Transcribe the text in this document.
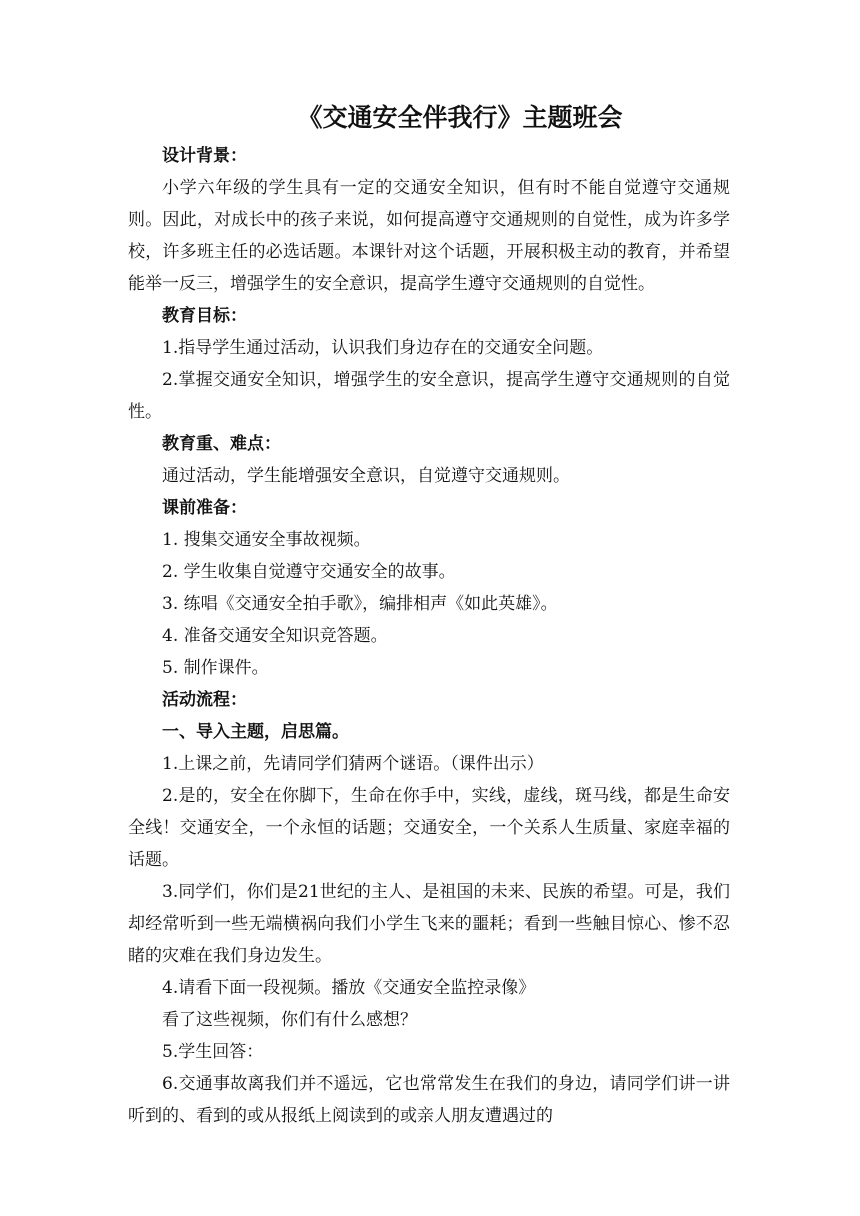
《交通安全伴我行》主题班会

设计背景：

小学六年级的学生具有一定的交通安全知识，但有时不能自觉遵守交通规则。因此，对成长中的孩子来说，如何提高遵守交通规则的自觉性，成为许多学校，许多班主任的必选话题。本课针对这个话题，开展积极主动的教育，并希望能举一反三，增强学生的安全意识，提高学生遵守交通规则的自觉性。

教育目标：

1.指导学生通过活动，认识我们身边存在的交通安全问题。

2.掌握交通安全知识，增强学生的安全意识，提高学生遵守交通规则的自觉性。

教育重、难点：

通过活动，学生能增强安全意识，自觉遵守交通规则。

课前准备：

1. 搜集交通安全事故视频。

2. 学生收集自觉遵守交通安全的故事。

3. 练唱《交通安全拍手歌》，编排相声《如此英雄》。

4. 准备交通安全知识竞答题。

5. 制作课件。

活动流程：

一、导入主题，启思篇。

1.上课之前，先请同学们猜两个谜语。（课件出示）

2.是的，安全在你脚下，生命在你手中，实线，虚线，斑马线，都是生命安全线！交通安全，一个永恒的话题；交通安全，一个关系人生质量、家庭幸福的话题。

3.同学们，你们是21世纪的主人、是祖国的未来、民族的希望。可是，我们却经常听到一些无端横祸向我们小学生飞来的噩耗；看到一些触目惊心、惨不忍睹的灾难在我们身边发生。

4.请看下面一段视频。播放《交通安全监控录像》

看了这些视频，你们有什么感想？

5.学生回答：

6.交通事故离我们并不遥远，它也常常发生在我们的身边，请同学们讲一讲听到的、看到的或从报纸上阅读到的或亲人朋友遭遇过的
